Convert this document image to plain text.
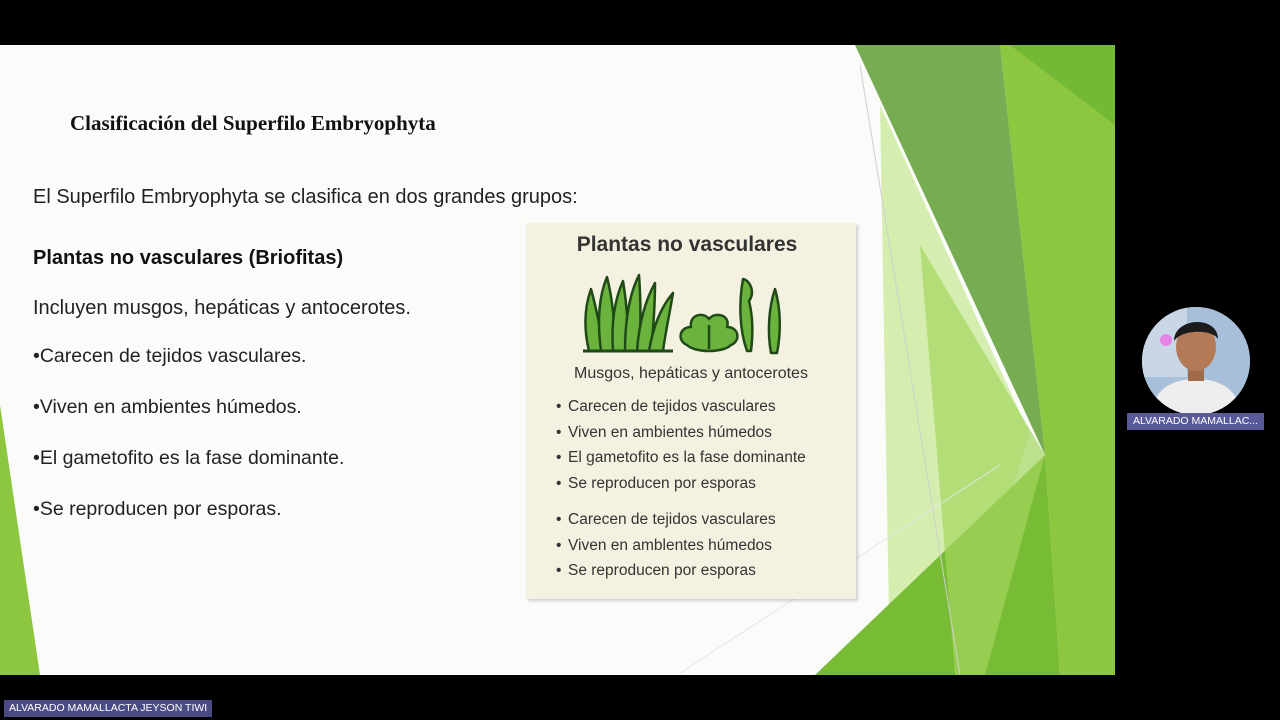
Clasificación del Superfilo Embryophyta
El Superfilo Embryophyta se clasifica en dos grandes grupos:
Plantas no vasculares (Briofitas)
Incluyen musgos, hepáticas y antocerotes.
•Carecen de tejidos vasculares.
•Viven en ambientes húmedos.
•El gametofito es la fase dominante.
•Se reproducen por esporas.
Plantas no vasculares
Musgos, hepáticas y antocerotes
• Carecen de tejidos vasculares
• Viven en ambientes húmedos
• El gametofito es la fase dominante
• Se reproducen por esporas
• Carecen de tejidos vasculares
• Viven en amblentes húmedos
• Se reproducen por esporas
ALVARADO MAMALLAC...
ALVARADO MAMALLACTA JEYSON TIWI
